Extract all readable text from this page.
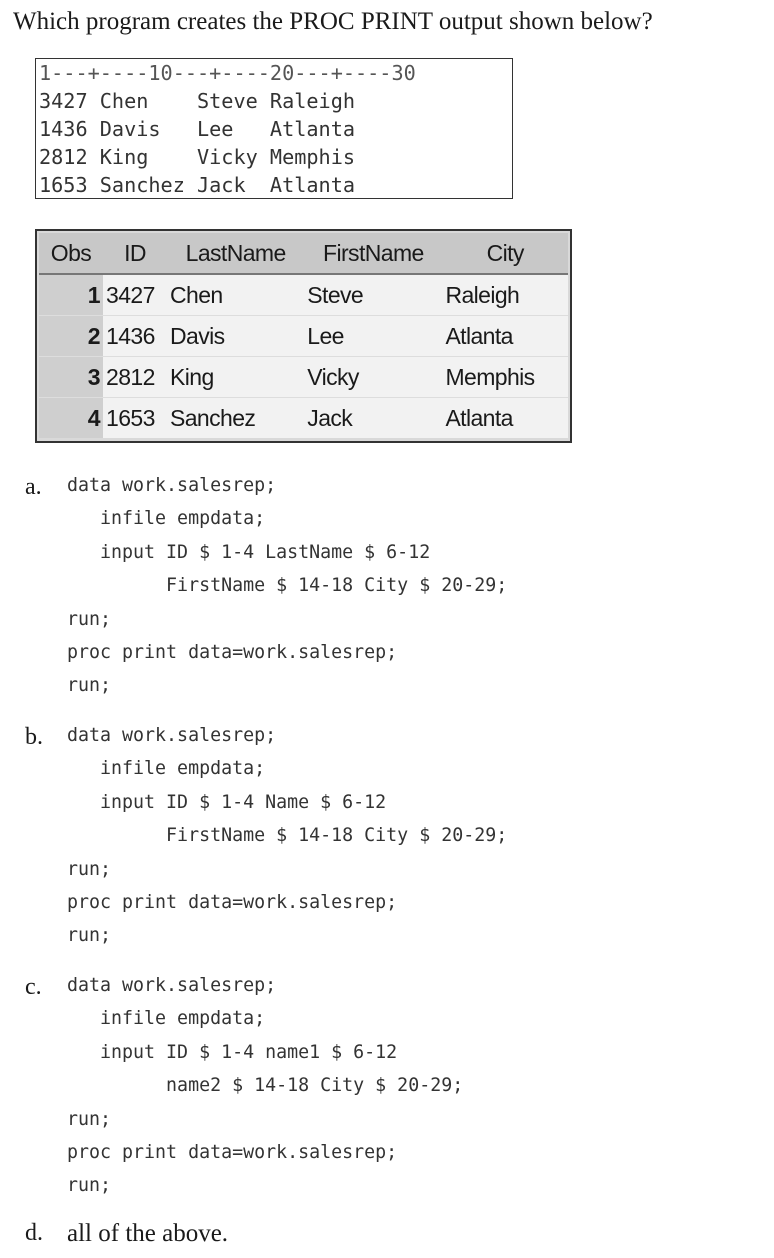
Which program creates the PROC PRINT output shown below?
1---+----10---+----20---+----30
3427 Chen    Steve Raleigh
1436 Davis   Lee   Atlanta
2812 King    Vicky Memphis
1653 Sanchez Jack  Atlanta
Obs	ID	LastName	FirstName	City
1	3427	Chen	Steve	Raleigh
2	1436	Davis	Lee	Atlanta
3	2812	King	Vicky	Memphis
4	1653	Sanchez	Jack	Atlanta
a. data work.salesrep;
infile empdata;
input ID $ 1-4 LastName $ 6-12
FirstName $ 14-18 City $ 20-29;
run;
proc print data=work.salesrep;
run;
b. data work.salesrep;
infile empdata;
input ID $ 1-4 Name $ 6-12
FirstName $ 14-18 City $ 20-29;
run;
proc print data=work.salesrep;
run;
c. data work.salesrep;
infile empdata;
input ID $ 1-4 name1 $ 6-12
name2 $ 14-18 City $ 20-29;
run;
proc print data=work.salesrep;
run;
d. all of the above.
